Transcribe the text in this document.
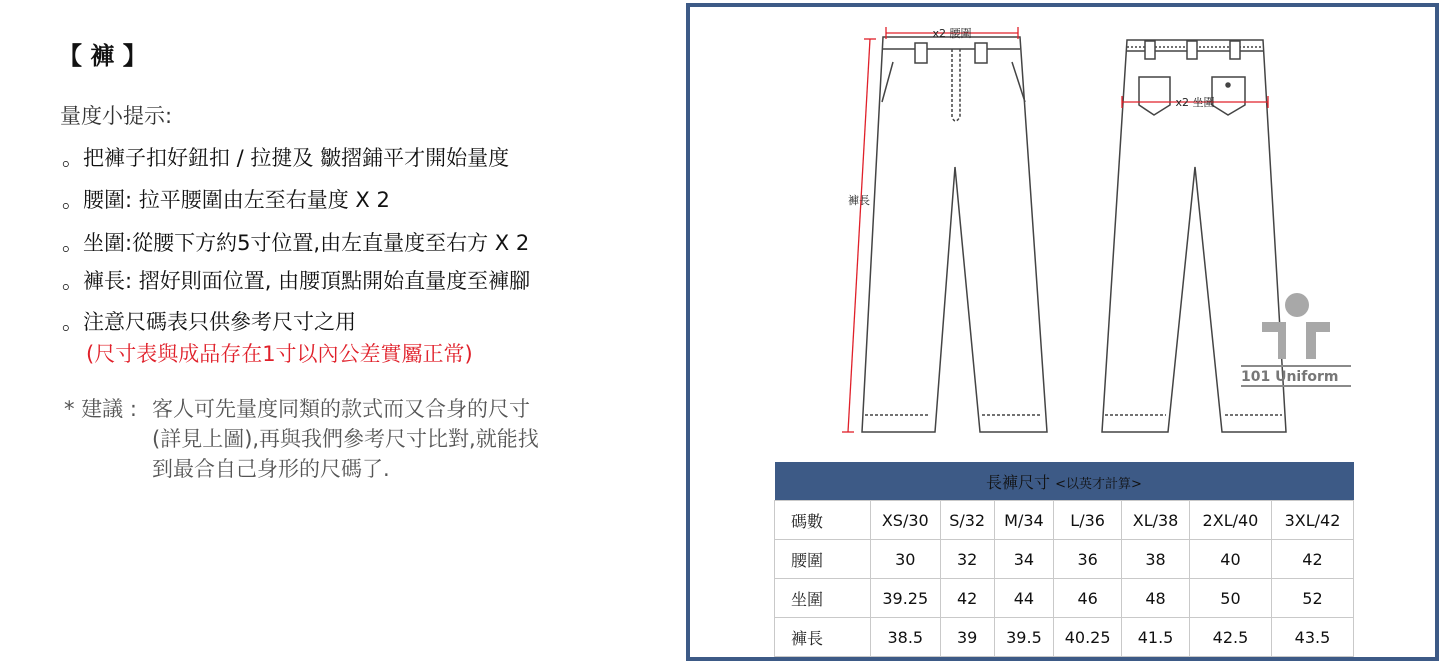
【 褲 】
量度小提示:
。把褲子扣好鈕扣 / 拉揵及 皺摺鋪平才開始量度
。腰圍: 拉平腰圍由左至右量度 X 2
。坐圍:從腰下方約5寸位置,由左直量度至右方 X 2
。褲長: 摺好則面位置, 由腰頂點開始直量度至褲腳
。注意尺碼表只供參考尺寸之用
(尺寸表與成品存在1寸以內公差實屬正常)
* 建議 : 客人可先量度同類的款式而又合身的尺寸
(詳見上圖),再與我們參考尺寸比對,就能找
到最合自己身形的尺碼了.
x2 腰圍
x2 坐圍
褲長
101 Uniform
長褲尺寸 <以英才計算>							
碼數	XS/30	S/32	M/34	L/36	XL/38	2XL/40	3XL/42
腰圍	30	32	34	36	38	40	42
坐圍	39.25	42	44	46	48	50	52
褲長	38.5	39	39.5	40.25	41.5	42.5	43.5
